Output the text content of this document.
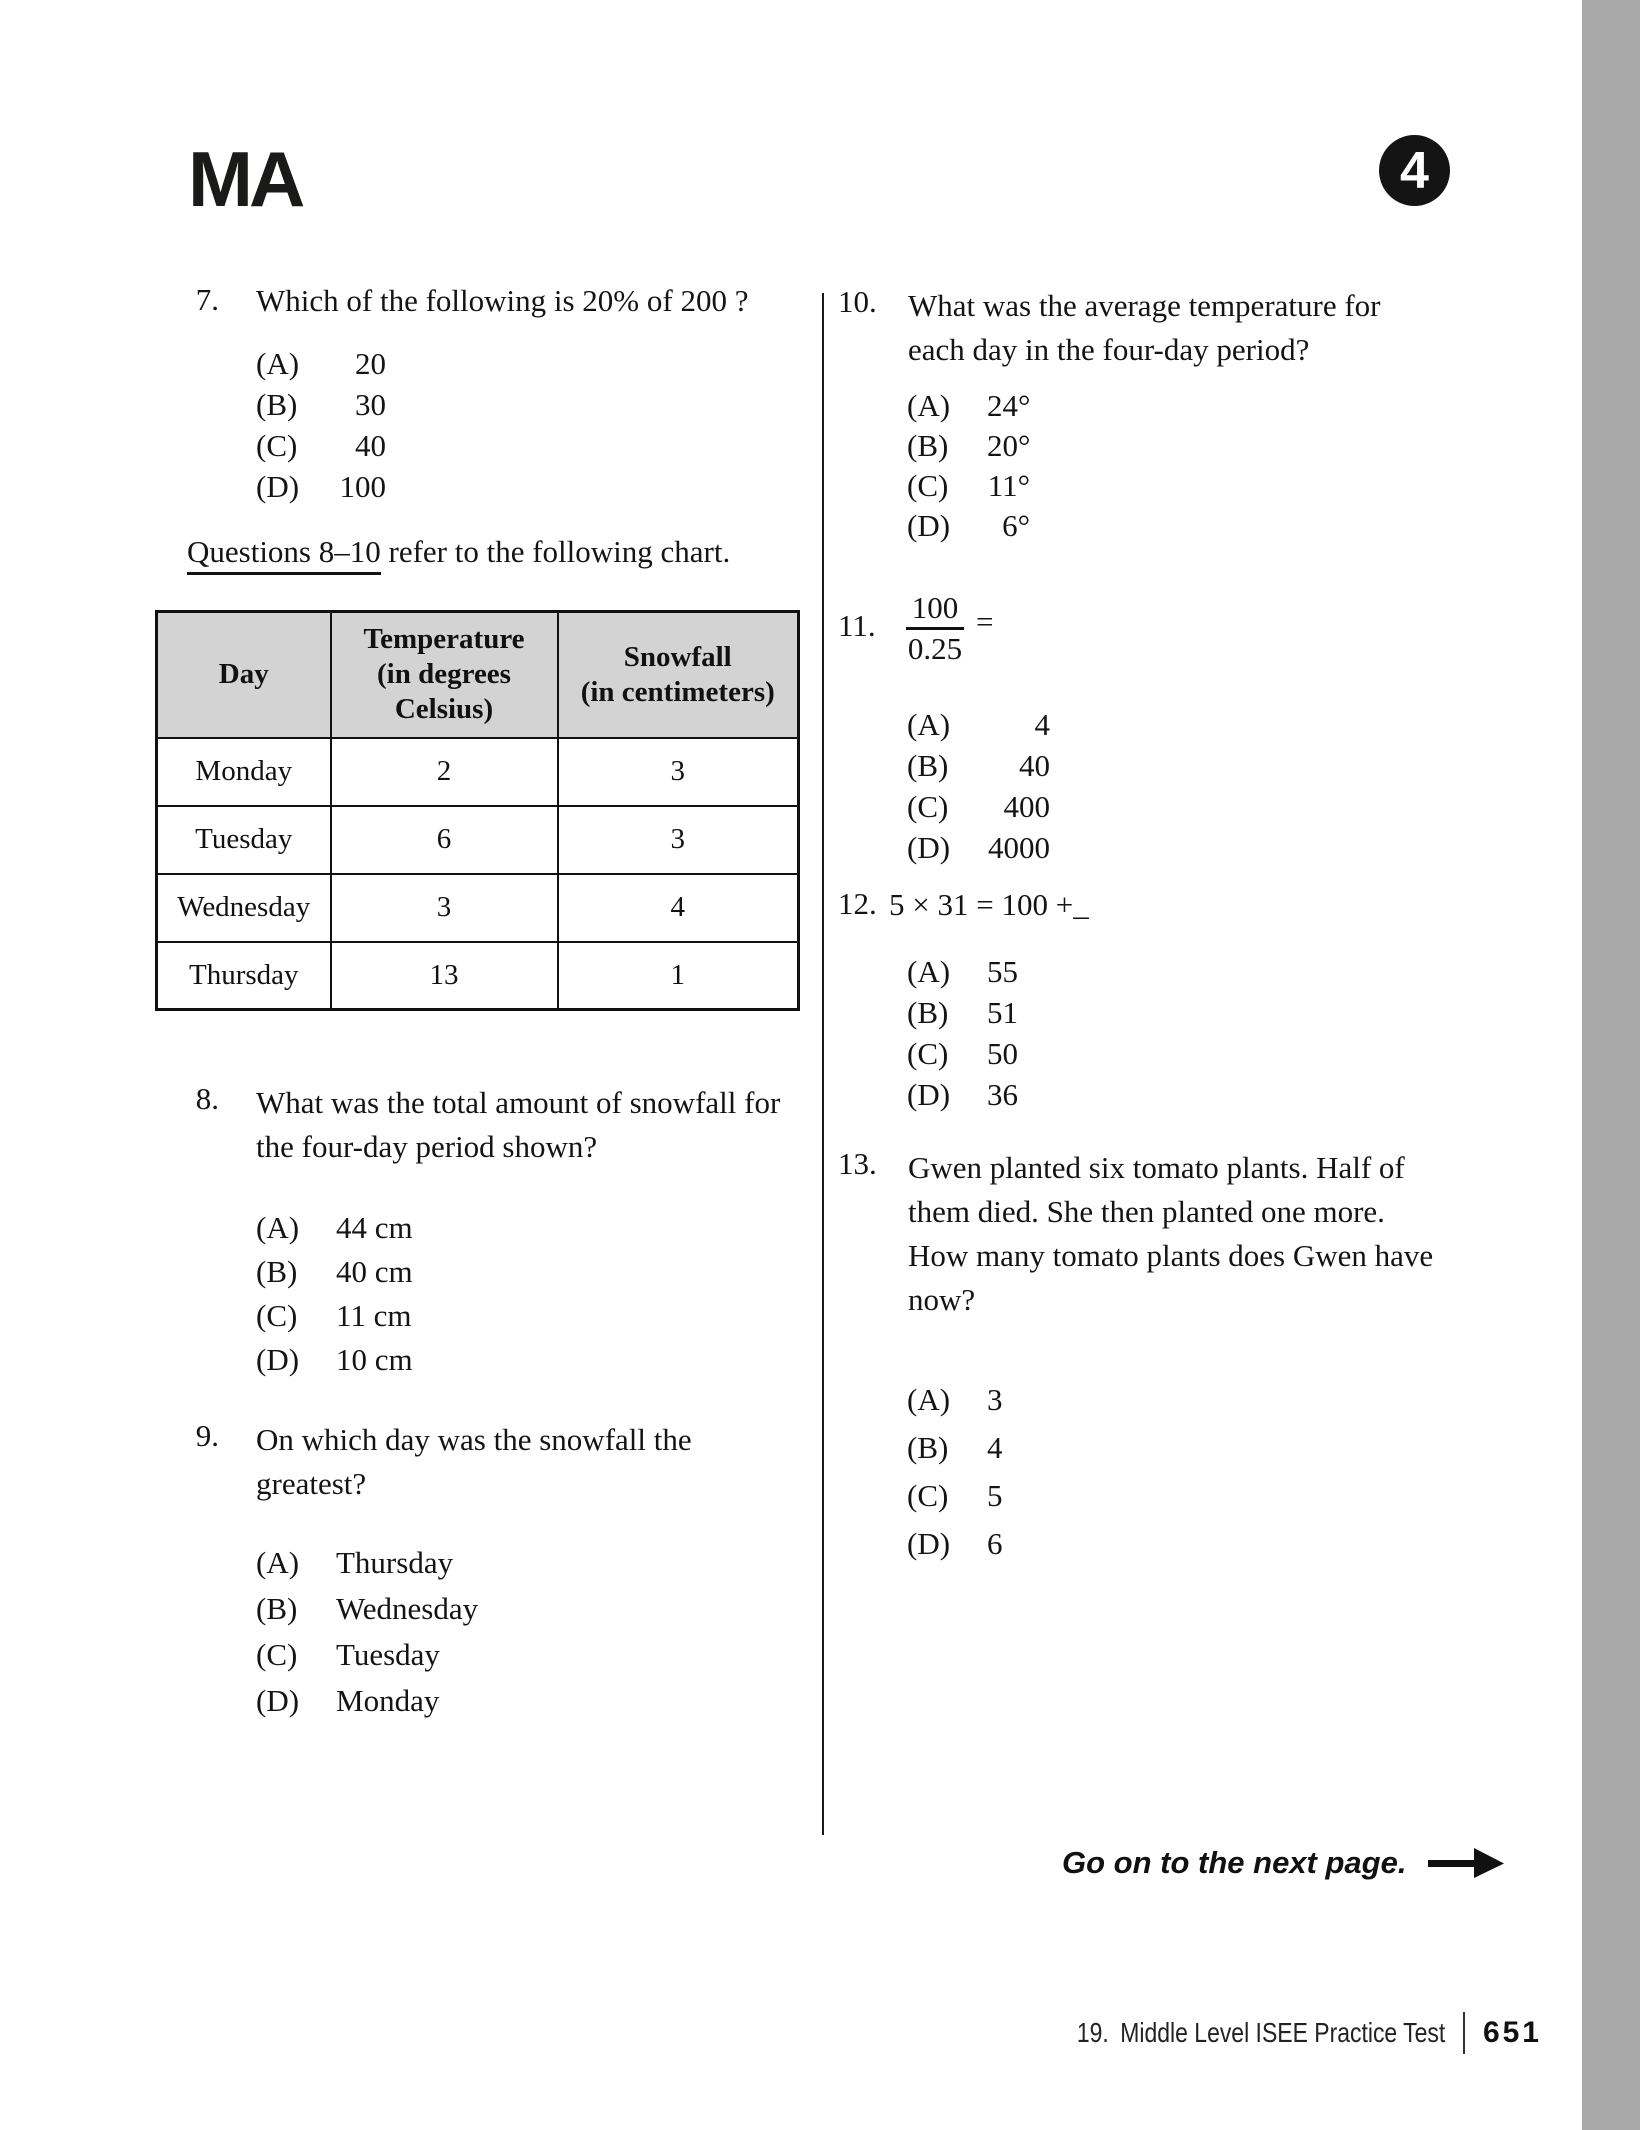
MA	4
7. Which of the following is 20% of 200 ?
(A)	20
(B)	30
(C)	40
(D)	100
Questions 8–10 refer to the following chart.
Day

Temperature
(in degrees
Celsius)

Snowfall
(in centimeters)

Monday	2	3
Tuesday	6	3
Wednesday	3	4
Thursday	13	1
8. What was the total amount of snowfall for
the four-day period shown?
(A)	44 cm
(B)	40 cm
(C)	11 cm
(D)	10 cm
9. On which day was the snowfall the
greatest?
(A)	Thursday
(B)	Wednesday
(C)	Tuesday
(D)	Monday
10. What was the average temperature for
each day in the four-day period?
(A)	24°
(B)	20°
(C)	11°
(D)	6°
11.
100
0.25
=
(A)	4
(B)	40
(C)	400
(D)	4000
12. 5 × 31 = 100 +_
(A)	55
(B)	51
(C)	50
(D)	36
13. Gwen planted six tomato plants. Half of
them died. She then planted one more.
How many tomato plants does Gwen have
now?
(A)	3
(B)	4
(C)	5
(D)	6
Go on to the next page.
19. Middle Level ISEE Practice Test 651
